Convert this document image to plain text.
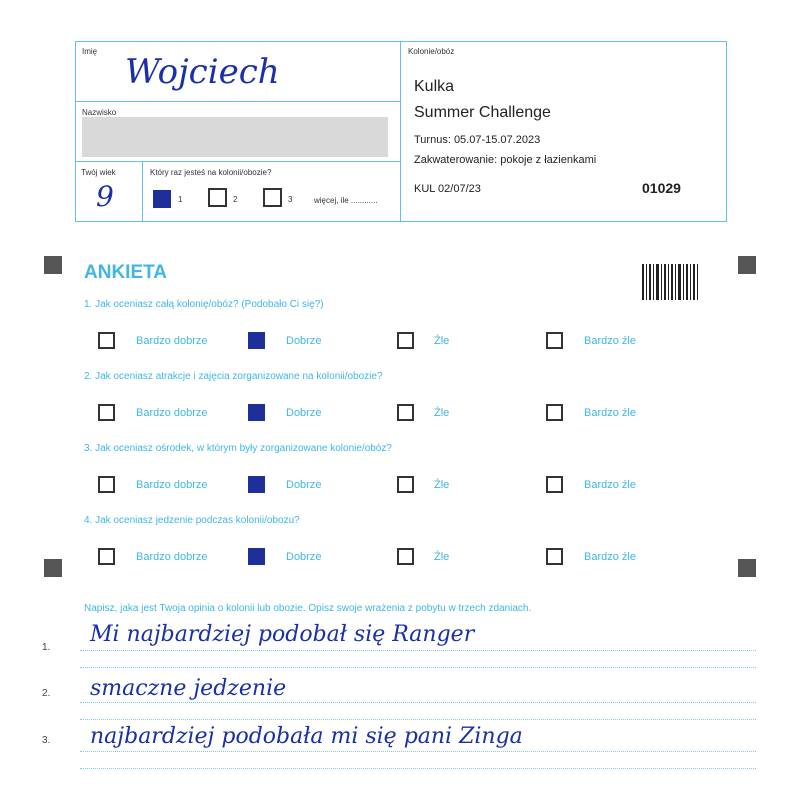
Imię
Wojciech
Nazwisko
Twój wiek
9
Który raz jesteś na kolonii/obozie?
1	2	3	więcej, ile ............
Kolonie/obóz
Kulka
Summer Challenge
Turnus: 05.07-15.07.2023
Zakwaterowanie: pokoje z łazienkami
KUL 02/07/23	01029
ANKIETA
1. Jak oceniasz całą kolonię/obóz? (Podobało Ci się?)
Bardzo dobrze	Dobrze	Źle	Bardzo źle
2. Jak oceniasz atrakcje i zajęcia zorganizowane na kolonii/obozie?
Bardzo dobrze	Dobrze	Źle	Bardzo źle
3. Jak oceniasz ośrodek, w którym były zorganizowane kolonie/obóz?
Bardzo dobrze	Dobrze	Źle	Bardzo źle
4. Jak oceniasz jedzenie podczas kolonii/obozu?
Bardzo dobrze	Dobrze	Źle	Bardzo źle
Napisz, jaka jest Twoja opinia o kolonii lub obozie. Opisz swoje wrażenia z pobytu w trzech zdaniach.
1.
Mi najbardziej podobał się Ranger
2. smaczne jedzenie
3. najbardziej podobała mi się pani Zinga
